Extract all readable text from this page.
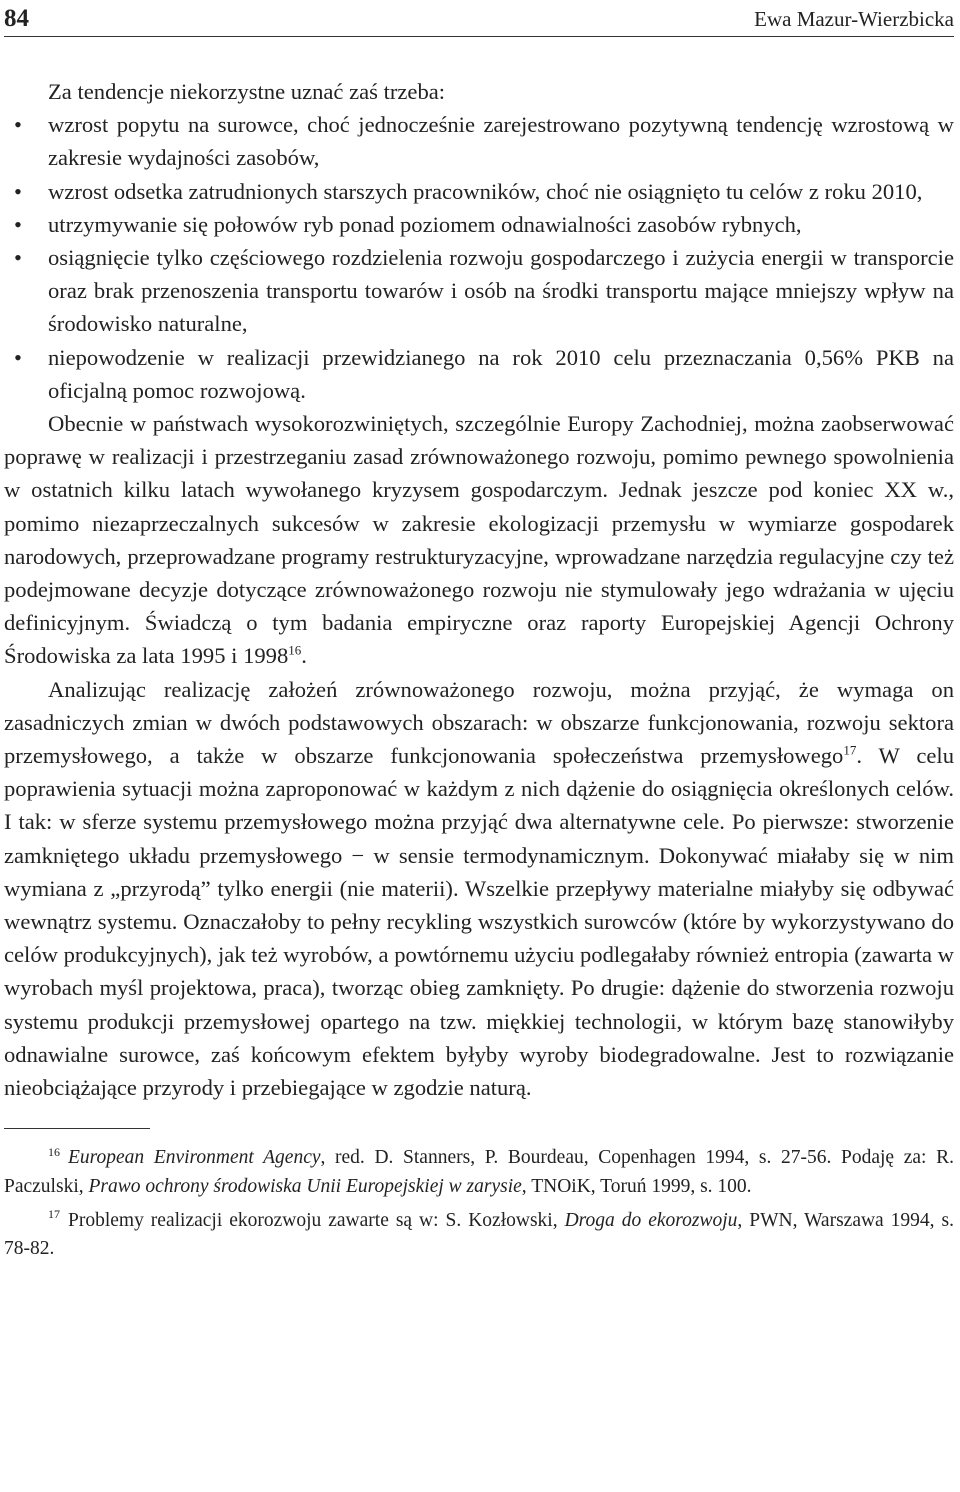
84	Ewa Mazur-Wierzbicka

Za tendencje niekorzystne uznać zaś trzeba:

• wzrost popytu na surowce, choć jednocześnie zarejestrowano pozytywną tendencję wzrostową w zakresie wydajności zasobów,
• wzrost odsetka zatrudnionych starszych pracowników, choć nie osiągnięto tu celów z roku 2010,
• utrzymywanie się połowów ryb ponad poziomem odnawialności zasobów rybnych,
• osiągnięcie tylko częściowego rozdzielenia rozwoju gospodarczego i zużycia energii w transporcie oraz brak przenoszenia transportu towarów i osób na środki transportu mające mniejszy wpływ na środowisko naturalne,
• niepowodzenie w realizacji przewidzianego na rok 2010 celu przeznaczania 0,56% PKB na oficjalną pomoc rozwojową.

Obecnie w państwach wysokorozwiniętych, szczególnie Europy Zachodniej, można zaobserwować poprawę w realizacji i przestrzeganiu zasad zrównoważonego rozwoju, pomimo pewnego spowolnienia w ostatnich kilku latach wywołanego kryzysem gospodarczym. Jednak jeszcze pod koniec XX w., pomimo niezaprzeczalnych sukcesów w zakresie ekologizacji przemysłu w wymiarze gospodarek narodowych, przeprowadzane programy restrukturyzacyjne, wprowadzane narzędzia regulacyjne czy też podejmowane decyzje dotyczące zrównoważonego rozwoju nie stymulowały jego wdrażania w ujęciu definicyjnym. Świadczą o tym badania empiryczne oraz raporty Europejskiej Agencji Ochrony Środowiska za lata 1995 i 1998$^{16}$.

Analizując realizację założeń zrównoważonego rozwoju, można przyjąć, że wymaga on zasadniczych zmian w dwóch podstawowych obszarach: w obszarze funkcjonowania, rozwoju sektora przemysłowego, a także w obszarze funkcjonowania społeczeństwa przemysłowego$^{17}$. W celu poprawienia sytuacji można zaproponować w każdym z nich dążenie do osiągnięcia określonych celów. I tak: w sferze systemu przemysłowego można przyjąć dwa alternatywne cele. Po pierwsze: stworzenie zamkniętego układu przemysłowego − w sensie termodynamicznym. Dokonywać miałaby się w nim wymiana z „przyrodą” tylko energii (nie materii). Wszelkie przepływy materialne miałyby się odbywać wewnątrz systemu. Oznaczałoby to pełny recykling wszystkich surowców (które by wykorzystywano do celów produkcyjnych), jak też wyrobów, a powtórnemu użyciu podlegałaby również entropia (zawarta w wyrobach myśl projektowa, praca), tworząc obieg zamknięty. Po drugie: dążenie do stworzenia rozwoju systemu produkcji przemysłowej opartego na tzw. miękkiej technologii, w którym bazę stanowiłyby odnawialne surowce, zaś końcowym efektem byłyby wyroby biodegradowalne. Jest to rozwiązanie nieobciążające przyrody i przebiegające w zgodzie naturą.

$^{16}$ European Environment Agency, red. D. Stanners, P. Bourdeau, Copenhagen 1994, s. 27-56. Podaję za: R. Paczulski, Prawo ochrony środowiska Unii Europejskiej w zarysie, TNOiK, Toruń 1999, s. 100.

$^{17}$ Problemy realizacji ekorozwoju zawarte są w: S. Kozłowski, Droga do ekorozwoju, PWN, Warszawa 1994, s. 78-82.
